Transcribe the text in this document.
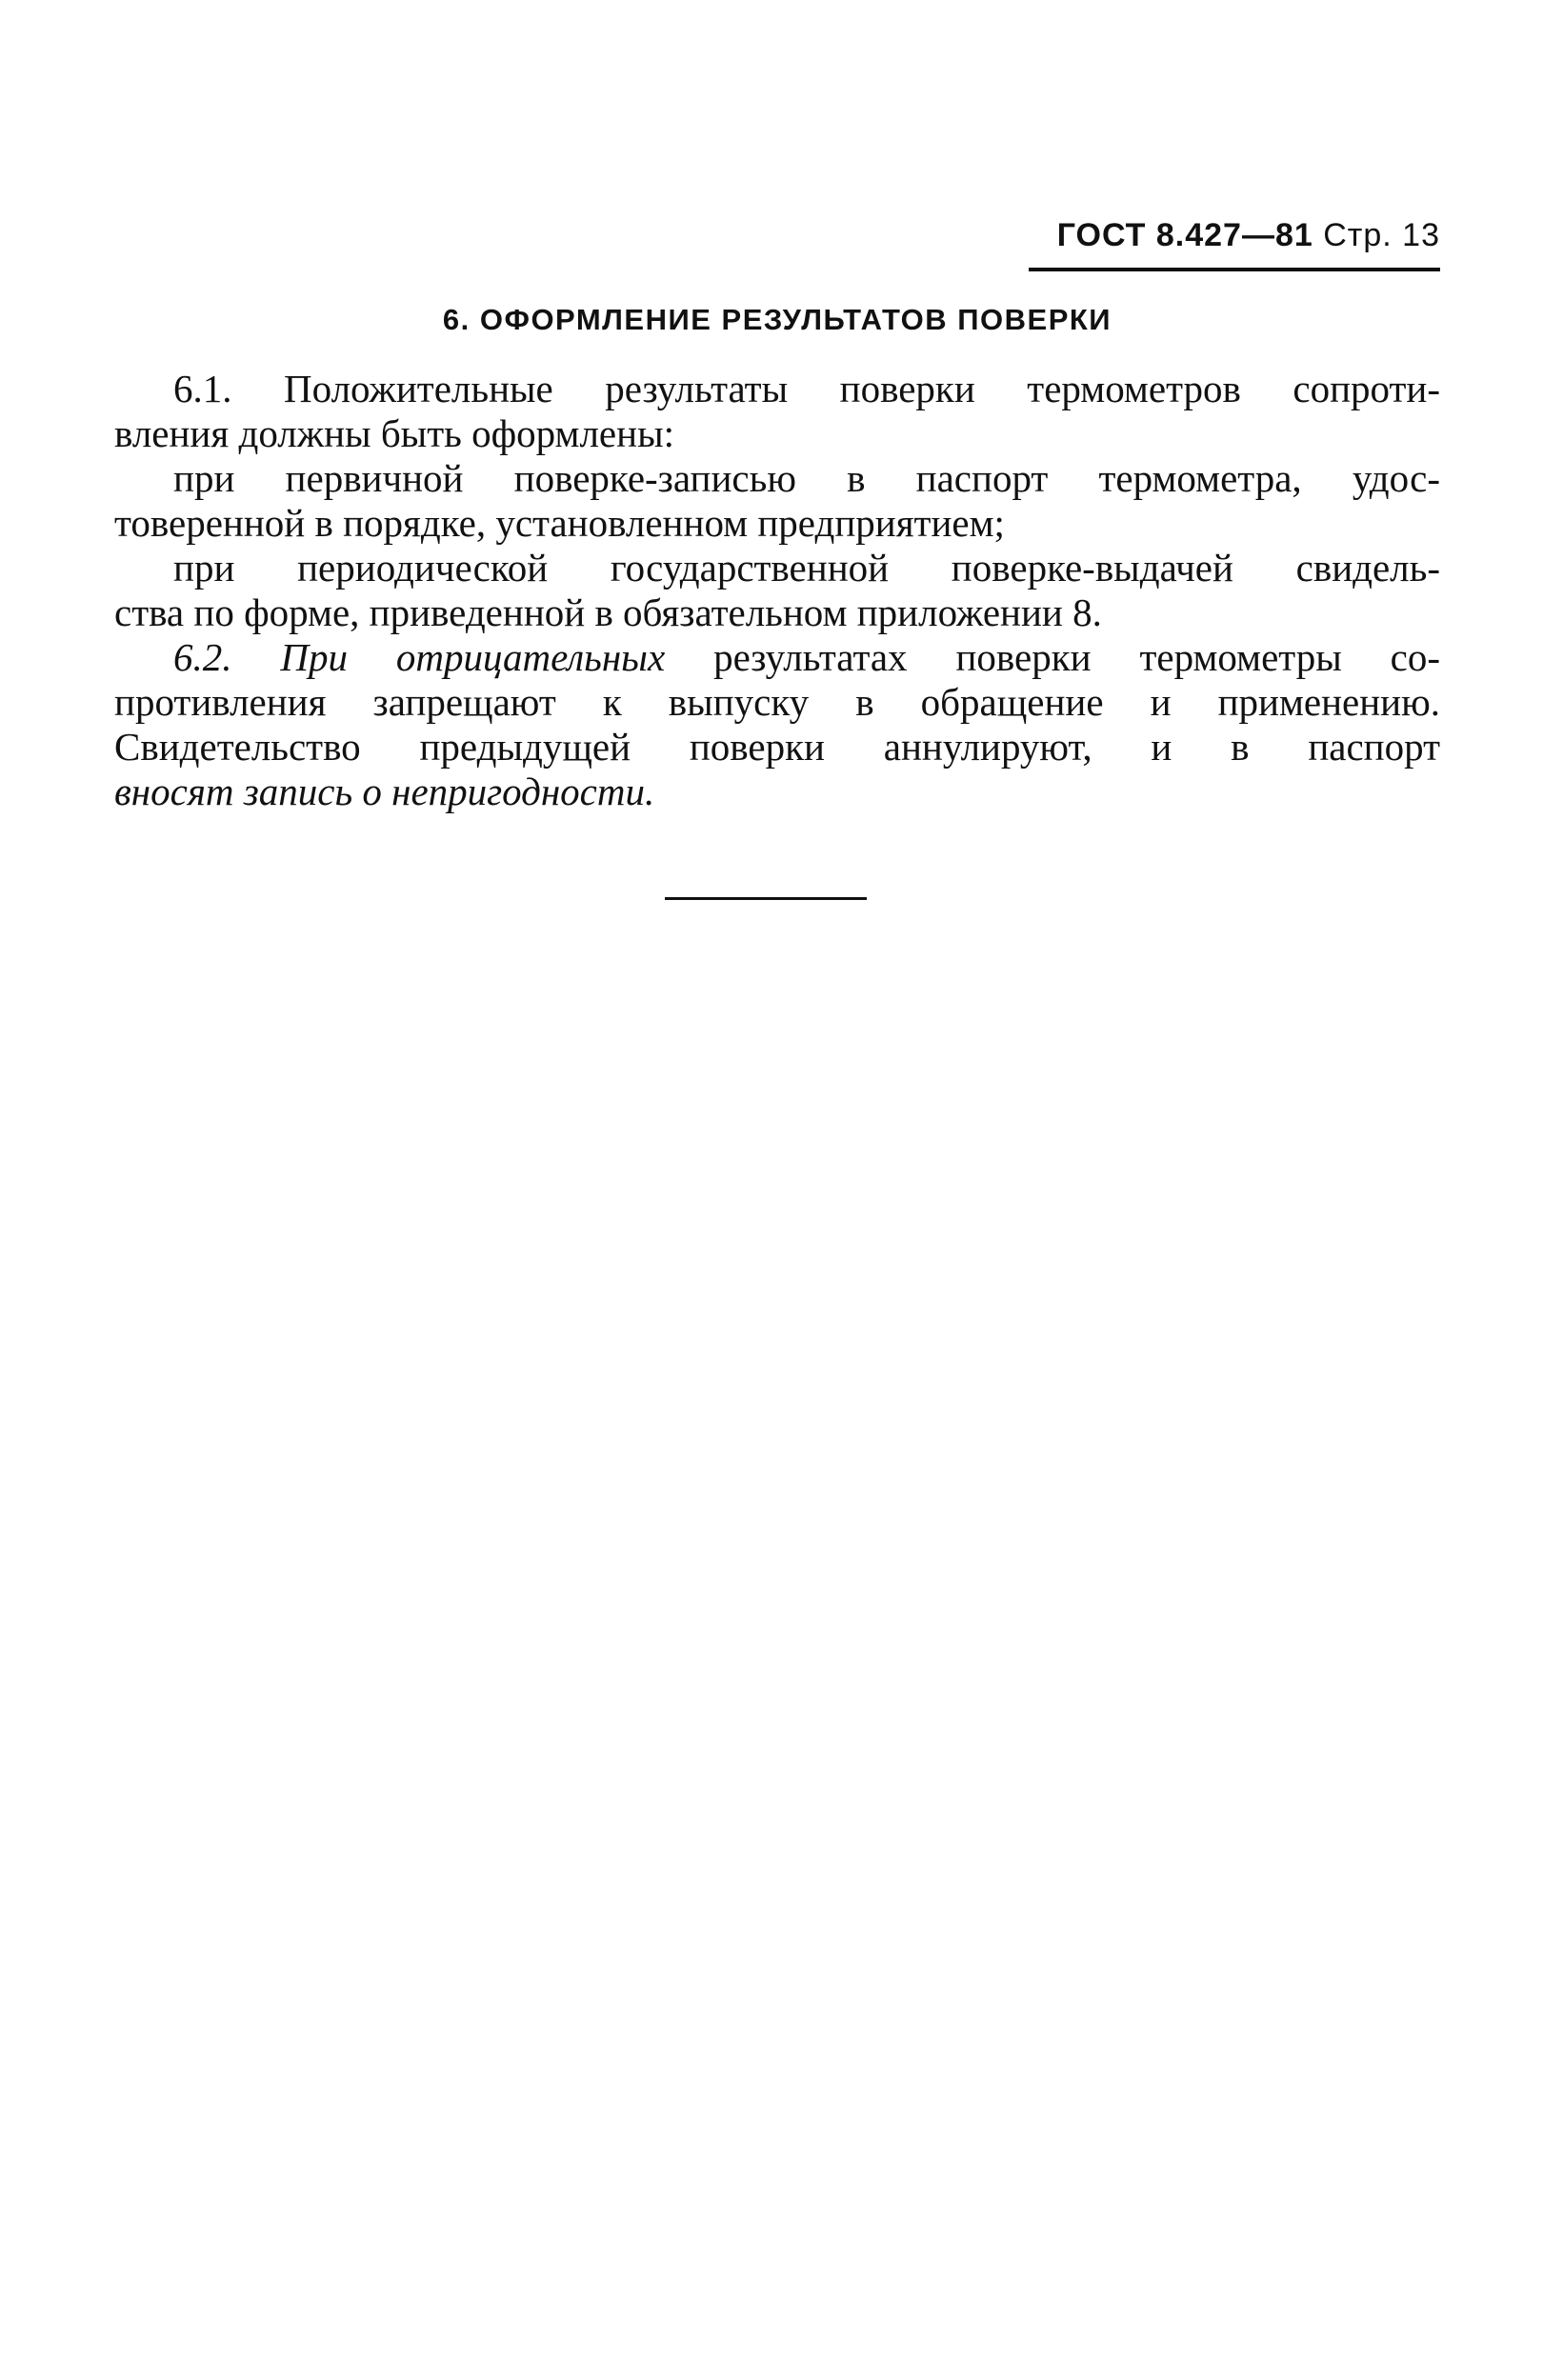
ГОСТ 8.427—81 Стр. 13
6. ОФОРМЛЕНИЕ РЕЗУЛЬТАТОВ ПОВЕРКИ
6.1. Положительные результаты поверки термометров сопроти-
вления должны быть оформлены:
при первичной поверке-записью в паспорт термометра, удос-
товеренной в порядке, установленном предприятием;
при периодической государственной поверке-выдачей свидель-
ства по форме, приведенной в обязательном приложении 8.
6.2. При отрицательных результатах поверки термометры со-
противления запрещают к выпуску в обращение и применению.
Свидетельство предыдущей поверки аннулируют, и в паспорт
вносят запись о непригодности.
